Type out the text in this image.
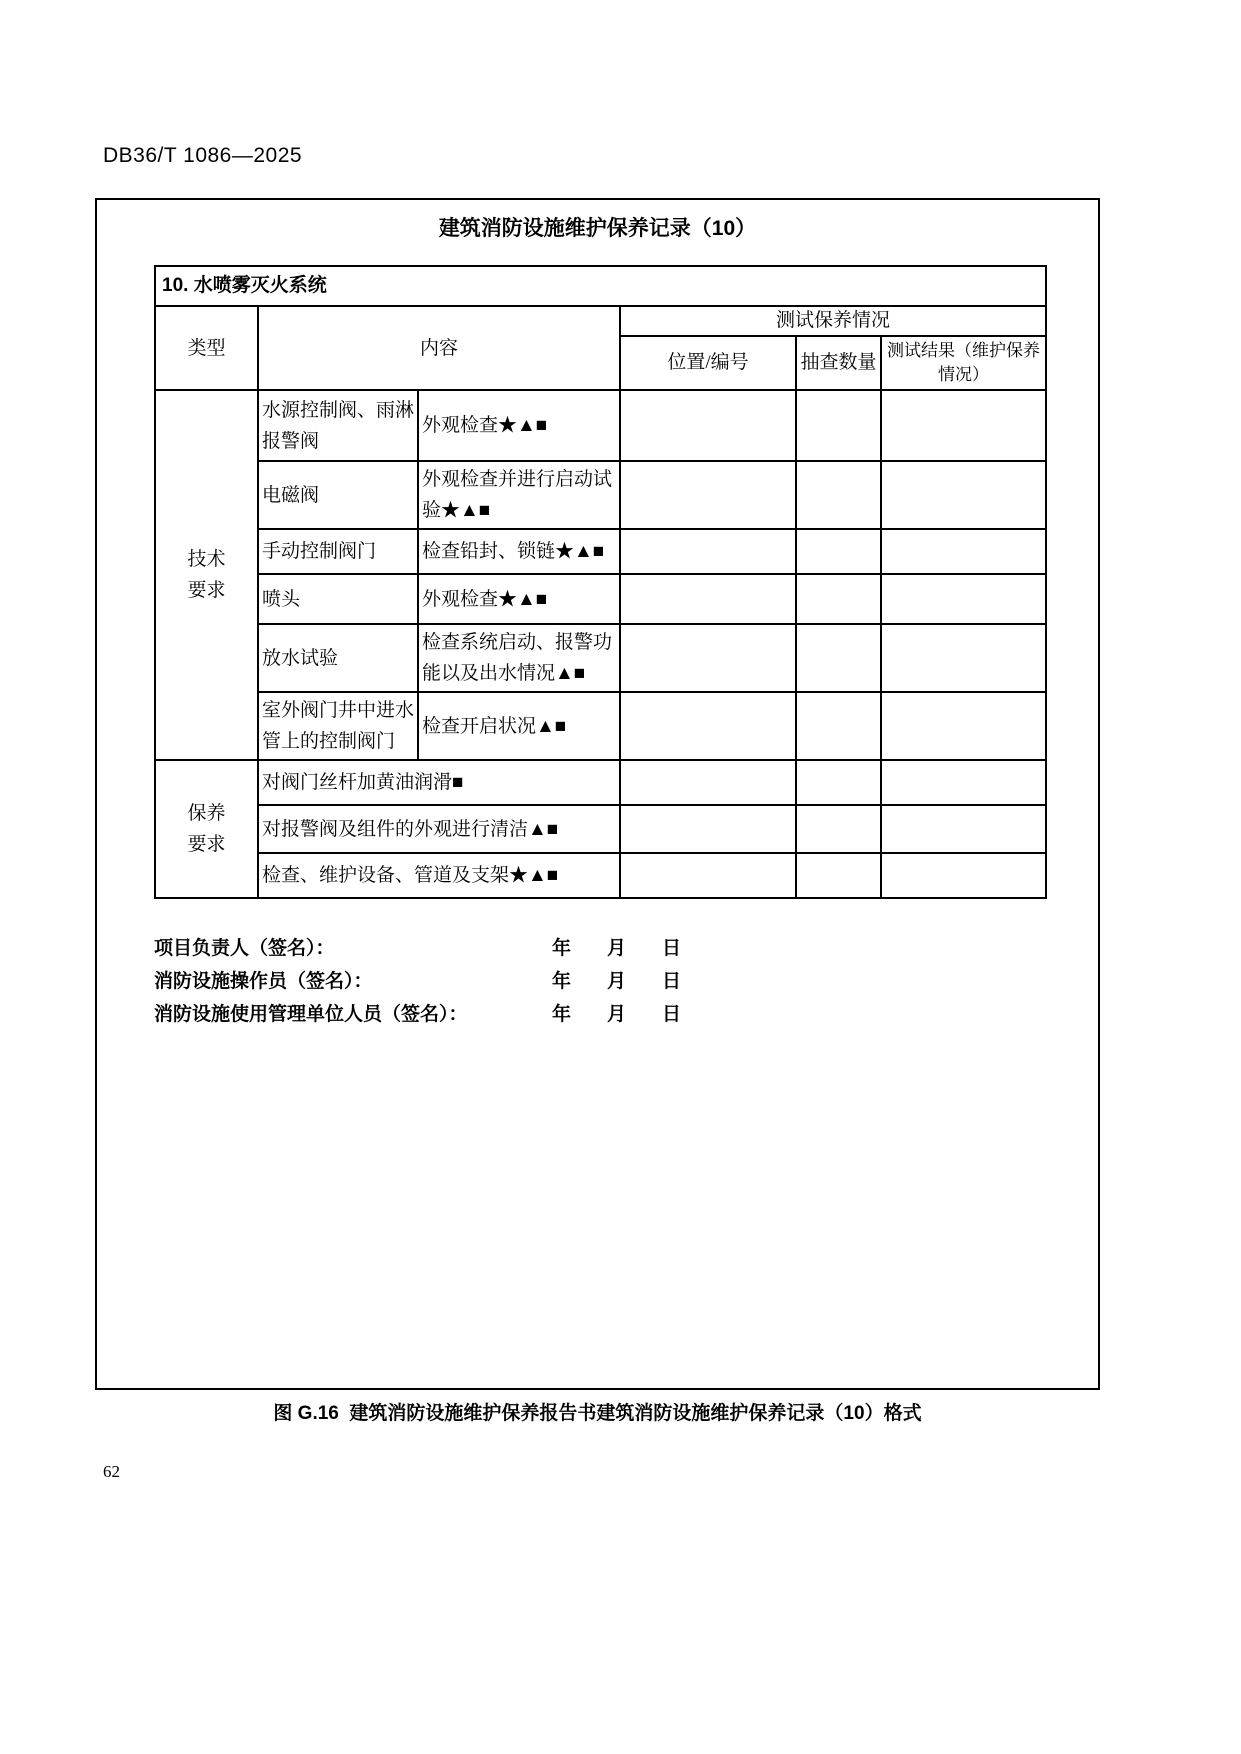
DB36/T 1086—2025
建筑消防设施维护保养记录（10）
10. 水喷雾灭火系统					
类型	内容		测试保养情况		
			位置/编号	抽查数量	测试结果（维护保养情况）
技术要求	水源控制阀、雨淋报警阀	外观检查★▲■			
	电磁阀	外观检查并进行启动试验★▲■			
	手动控制阀门	检查铅封、锁链★▲■			
	喷头	外观检查★▲■			
	放水试验	检查系统启动、报警功能以及出水情况▲■			
	室外阀门井中进水管上的控制阀门	检查开启状况▲■			
保养要求	对阀门丝杆加黄油润滑■				
	对报警阀及组件的外观进行清洁▲■				
	检查、维护设备、管道及支架★▲■				
项目负责人（签名）：	年 月 日
消防设施操作员（签名）：	年 月 日
消防设施使用管理单位人员（签名）：	年 月 日
图 G.16  建筑消防设施维护保养报告书建筑消防设施维护保养记录（10）格式
62
